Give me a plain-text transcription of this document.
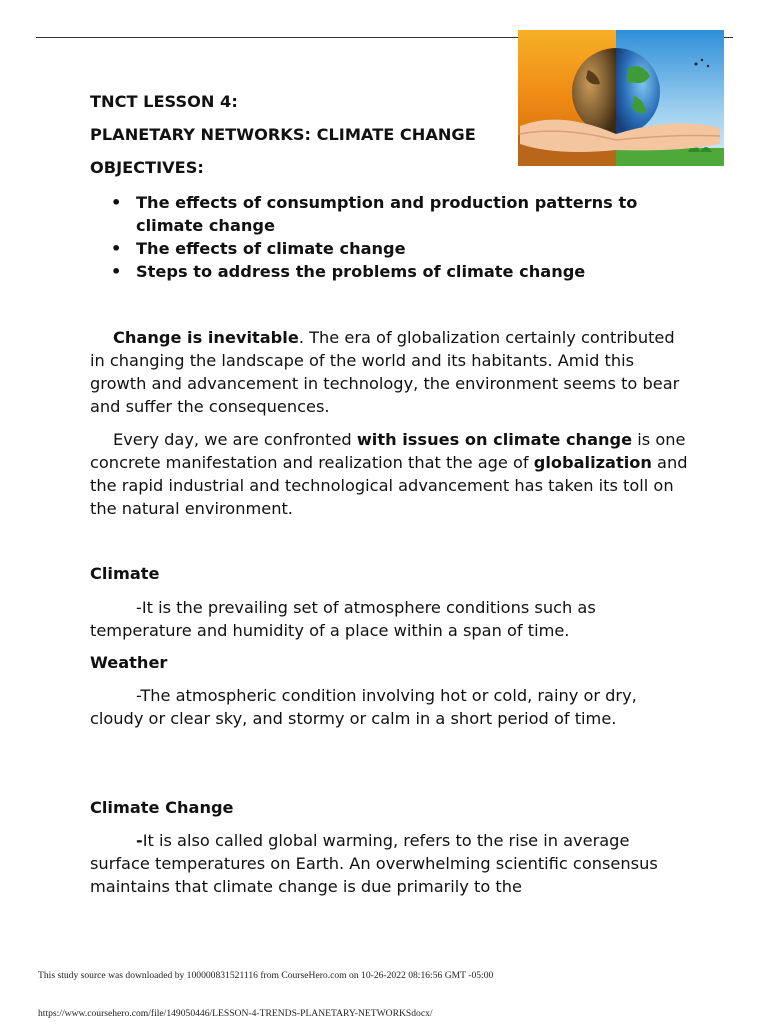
TNCT LESSON 4:
PLANETARY NETWORKS: CLIMATE CHANGE
OBJECTIVES:
• The effects of consumption and production patterns to climate change
• The effects of climate change
• Steps to address the problems of climate change

Change is inevitable. The era of globalization certainly contributed in changing the landscape of the world and its habitants. Amid this growth and advancement in technology, the environment seems to bear and suffer the consequences.

Every day, we are confronted with issues on climate change is one concrete manifestation and realization that the age of globalization and the rapid industrial and technological advancement has taken its toll on the natural environment.

Climate

-It is the prevailing set of atmosphere conditions such as temperature and humidity of a place within a span of time.

Weather

-The atmospheric condition involving hot or cold, rainy or dry, cloudy or clear sky, and stormy or calm in a short period of time.

Climate Change

-It is also called global warming, refers to the rise in average surface temperatures on Earth. An overwhelming scientific consensus maintains that climate change is due primarily to the

This study source was downloaded by 100000831521116 from CourseHero.com on 10-26-2022 08:16:56 GMT -05:00
https://www.coursehero.com/file/149050446/LESSON-4-TRENDS-PLANETARY-NETWORKSdocx/
